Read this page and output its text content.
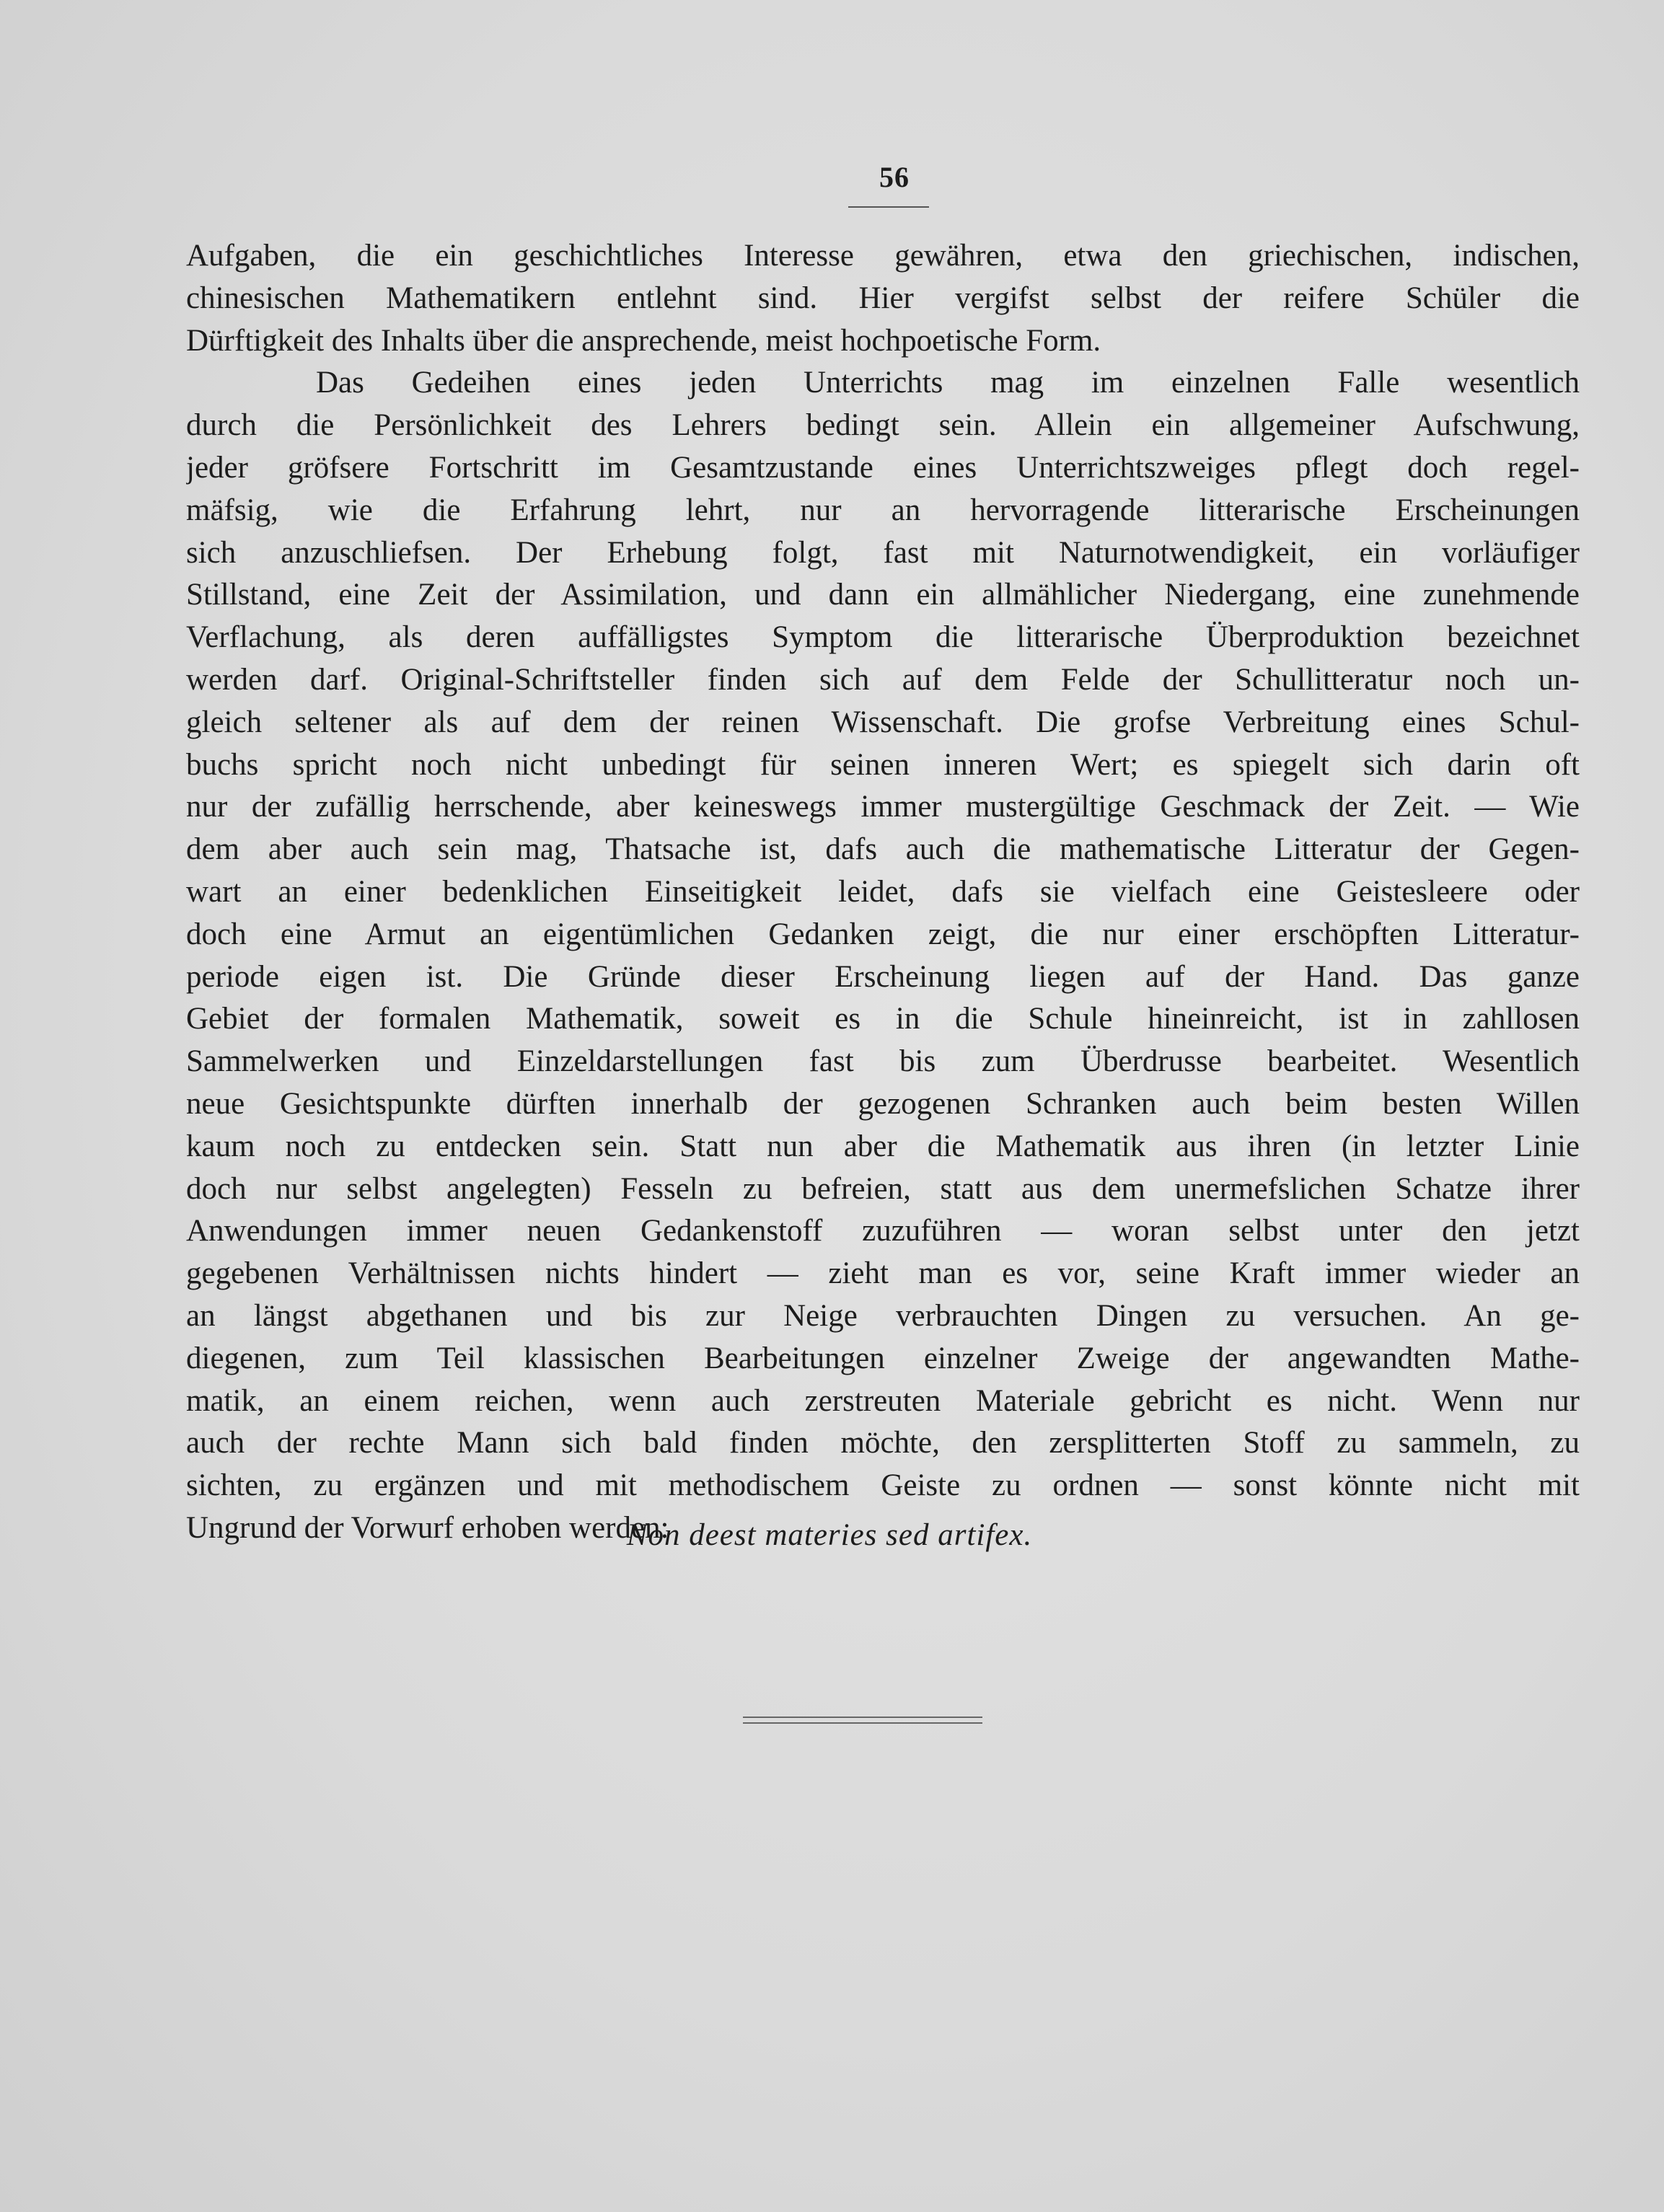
56
Aufgaben, die ein geschichtliches Interesse gewähren, etwa den griechischen, indischen,
chinesischen Mathematikern entlehnt sind. Hier vergifst selbst der reifere Schüler die
Dürftigkeit des Inhalts über die ansprechende, meist hochpoetische Form.
Das Gedeihen eines jeden Unterrichts mag im einzelnen Falle wesentlich
durch die Persönlichkeit des Lehrers bedingt sein. Allein ein allgemeiner Aufschwung,
jeder gröfsere Fortschritt im Gesamtzustande eines Unterrichtszweiges pflegt doch regel-
mäfsig, wie die Erfahrung lehrt, nur an hervorragende litterarische Erscheinungen
sich anzuschliefsen. Der Erhebung folgt, fast mit Naturnotwendigkeit, ein vorläufiger
Stillstand, eine Zeit der Assimilation, und dann ein allmählicher Niedergang, eine zunehmende
Verflachung, als deren auffälligstes Symptom die litterarische Überproduktion bezeichnet
werden darf. Original-Schriftsteller finden sich auf dem Felde der Schullitteratur noch un-
gleich seltener als auf dem der reinen Wissenschaft. Die grofse Verbreitung eines Schul-
buchs spricht noch nicht unbedingt für seinen inneren Wert; es spiegelt sich darin oft
nur der zufällig herrschende, aber keineswegs immer mustergültige Geschmack der Zeit. — Wie
dem aber auch sein mag, Thatsache ist, dafs auch die mathematische Litteratur der Gegen-
wart an einer bedenklichen Einseitigkeit leidet, dafs sie vielfach eine Geistesleere oder
doch eine Armut an eigentümlichen Gedanken zeigt, die nur einer erschöpften Litteratur-
periode eigen ist. Die Gründe dieser Erscheinung liegen auf der Hand. Das ganze
Gebiet der formalen Mathematik, soweit es in die Schule hineinreicht, ist in zahllosen
Sammelwerken und Einzeldarstellungen fast bis zum Überdrusse bearbeitet. Wesentlich
neue Gesichtspunkte dürften innerhalb der gezogenen Schranken auch beim besten Willen
kaum noch zu entdecken sein. Statt nun aber die Mathematik aus ihren (in letzter Linie
doch nur selbst angelegten) Fesseln zu befreien, statt aus dem unermefslichen Schatze ihrer
Anwendungen immer neuen Gedankenstoff zuzuführen — woran selbst unter den jetzt
gegebenen Verhältnissen nichts hindert — zieht man es vor, seine Kraft immer wieder an
an längst abgethanen und bis zur Neige verbrauchten Dingen zu versuchen. An ge-
diegenen, zum Teil klassischen Bearbeitungen einzelner Zweige der angewandten Mathe-
matik, an einem reichen, wenn auch zerstreuten Materiale gebricht es nicht. Wenn nur
auch der rechte Mann sich bald finden möchte, den zersplitterten Stoff zu sammeln, zu
sichten, zu ergänzen und mit methodischem Geiste zu ordnen — sonst könnte nicht mit
Ungrund der Vorwurf erhoben werden:
Non deest materies sed artifex.
